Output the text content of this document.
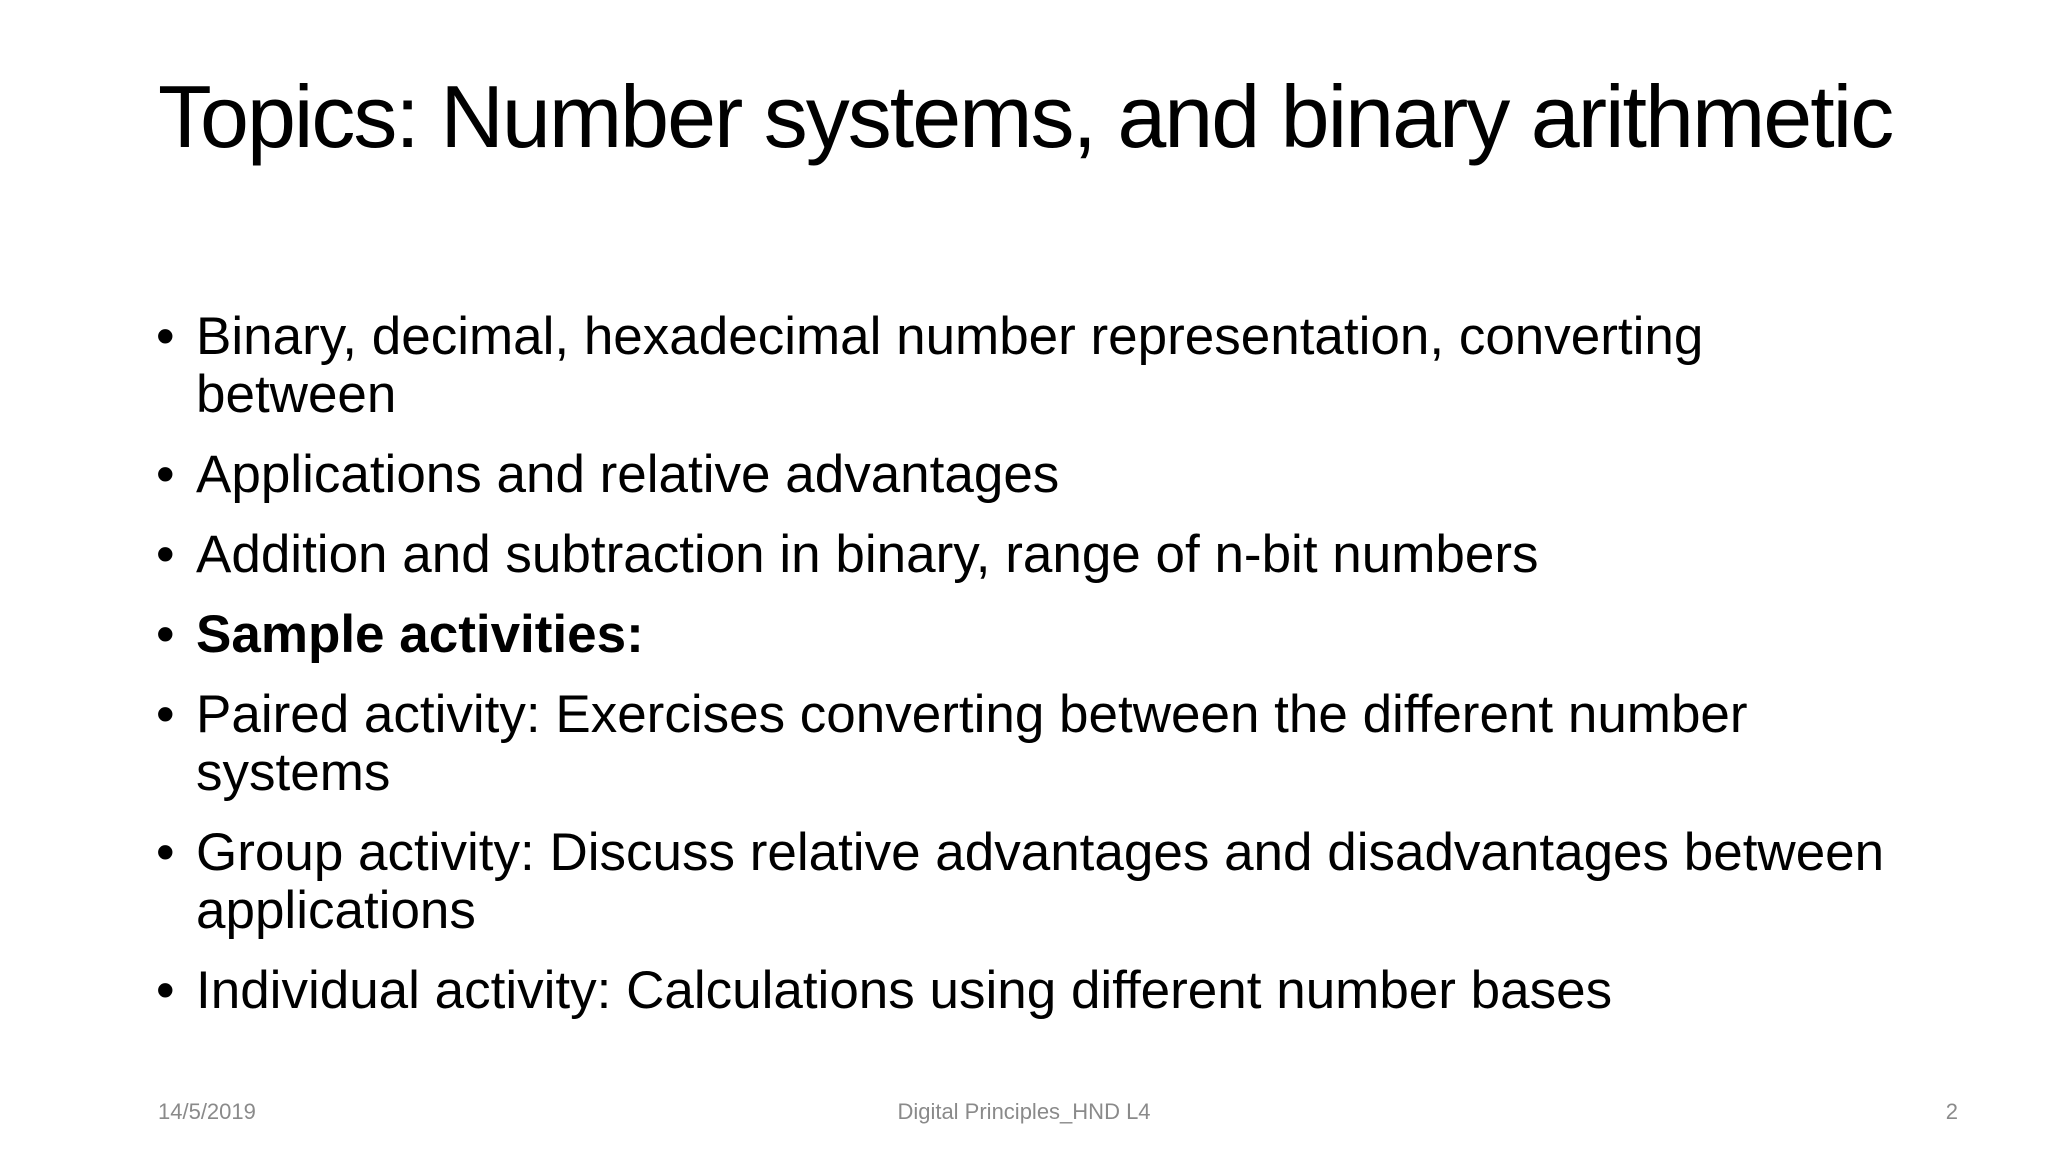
Topics: Number systems, and binary arithmetic
• Binary, decimal, hexadecimal number representation, converting between
• Applications and relative advantages
• Addition and subtraction in binary, range of n-bit numbers
• Sample activities:
• Paired activity: Exercises converting between the different number systems
• Group activity: Discuss relative advantages and disadvantages between applications
• Individual activity: Calculations using different number bases
14/5/2019	Digital Principles_HND L4	2
